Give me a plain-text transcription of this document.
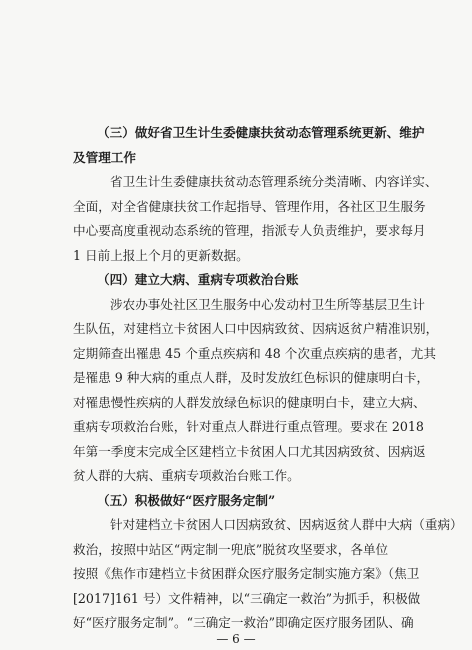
（三）做好省卫生计生委健康扶贫动态管理系统更新、维护
及管理工作
省卫生计生委健康扶贫动态管理系统分类清晰、内容详实、
全面，对全省健康扶贫工作起指导、管理作用，各社区卫生服务
中心要高度重视动态系统的管理，指派专人负责维护，要求每月
1 日前上报上个月的更新数据。
（四）建立大病、重病专项救治台账
涉农办事处社区卫生服务中心发动村卫生所等基层卫生计
生队伍，对建档立卡贫困人口中因病致贫、因病返贫户精准识别，
定期筛查出罹患 45 个重点疾病和 48 个次重点疾病的患者，尤其
是罹患 9 种大病的重点人群，及时发放红色标识的健康明白卡，
对罹患慢性疾病的人群发放绿色标识的健康明白卡，建立大病、
重病专项救治台账，针对重点人群进行重点管理。要求在 2018
年第一季度末完成全区建档立卡贫困人口尤其因病致贫、因病返
贫人群的大病、重病专项救治台账工作。
（五）积极做好“医疗服务定制”
针对建档立卡贫困人口因病致贫、因病返贫人群中大病（重病）
— 6 —
救治，按照中站区“两定制一兜底”脱贫攻坚要求，各单位
按照《焦作市建档立卡贫困群众医疗服务定制实施方案》（焦卫
[2017]161 号）文件精神，以“三确定一救治”为抓手，积极做
好“医疗服务定制”。“三确定一救治”即确定医疗服务团队、确
